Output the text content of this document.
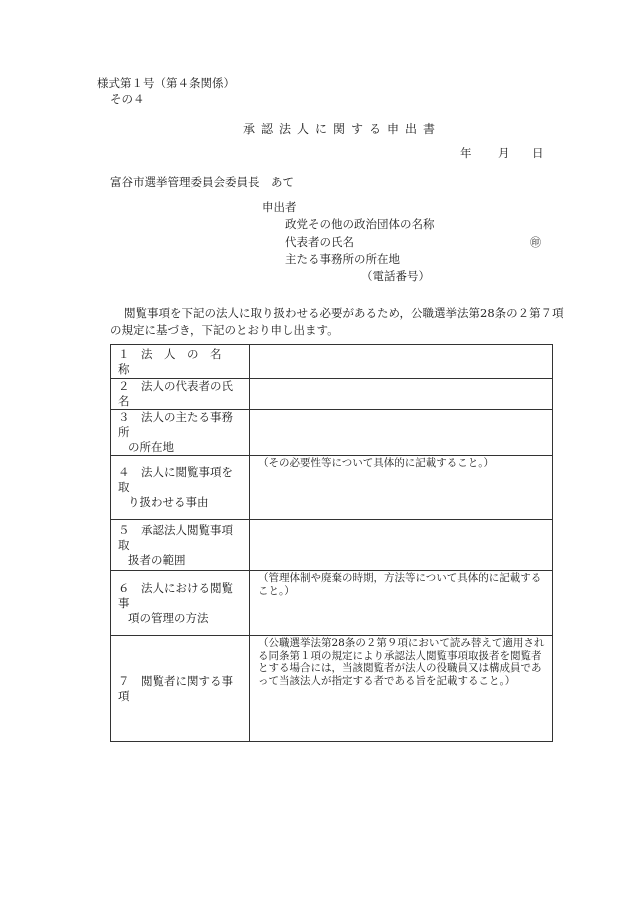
様式第１号（第４条関係）
その４
承認法人に関する申出書
年 月 日
富谷市選挙管理委員会委員長　あて
申出者
政党その他の政治団体の名称
代表者の氏名	㊞
主たる事務所の所在地
（電話番号）
閲覧事項を下記の法人に取り扱わせる必要があるため，公職選挙法第28条の２第７項
の規定に基づき，下記のとおり申し出ます。
１　法　人　の　名　称	

２　法人の代表者の氏名	

３　法人の主たる事務所
の所在地	

４　法人に閲覧事項を取
り扱わせる事由	（その必要性等について具体的に記載すること。）

５　承認法人閲覧事項取
扱者の範囲	

６　法人における閲覧事
項の管理の方法	（管理体制や廃棄の時期，方法等について具体的に記載すること。）

７　閲覧者に関する事項	（公職選挙法第28条の２第９項において読み替えて適用される同条第１項の規定により承認法人閲覧事項取扱者を閲覧者とする場合には，当該閲覧者が法人の役職員又は構成員であって当該法人が指定する者である旨を記載すること。）
